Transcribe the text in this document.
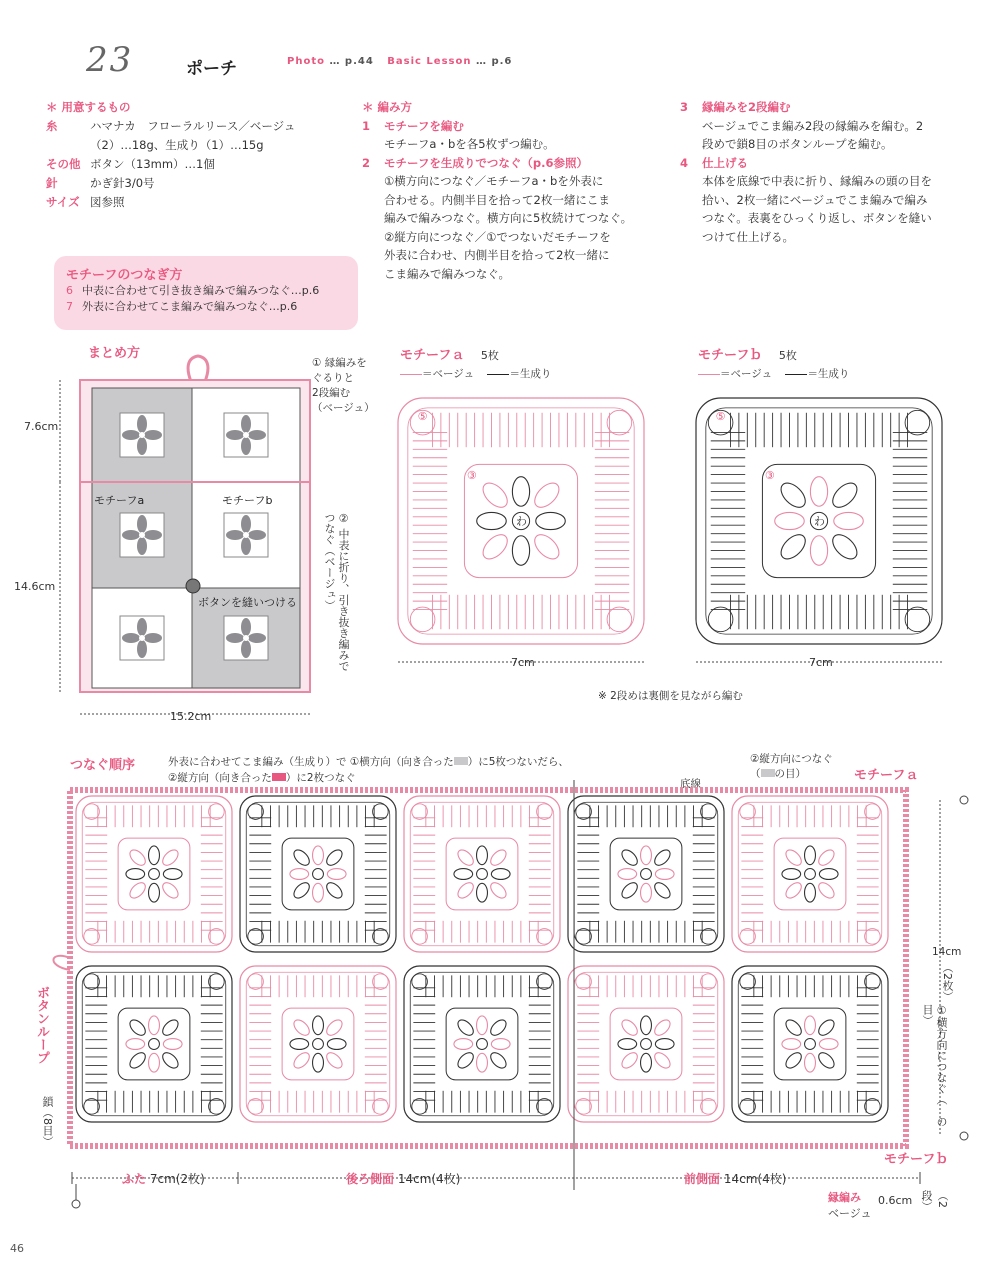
23	ポーチ	Photo … p.44 Basic Lesson … p.6
＊ 用意するもの
糸	ハマナカ　フローラルリース／ベージュ
（2）…18g、生成り（1）…15g
その他 ボタン（13mm）…1個
針	かぎ針3/0号
サイズ 図参照
＊ 編み方
1 モチーフを編む
モチーフa・bを各5枚ずつ編む。
2 モチーフを生成りでつなぐ（p.6参照）
①横方向につなぐ／モチーフa・bを外表に
合わせる。内側半目を拾って2枚一緒にこま
編みで編みつなぐ。横方向に5枚続けてつなぐ。
②縦方向につなぐ／①でつないだモチーフを
外表に合わせ、内側半目を拾って2枚一緒に
こま編みで編みつなぐ。
3 縁編みを2段編む
ベージュでこま編み2段の縁編みを編む。2
段めで鎖8目のボタンループを編む。
4 仕上げる
本体を底線で中表に折り、縁編みの頭の目を
拾い、2枚一緒にベージュでこま編みで編み
つなぐ。表裏をひっくり返し、ボタンを縫い
つけて仕上げる。
モチーフのつなぎ方
6 中表に合わせて引き抜き編みで編みつなぐ…p.6
7 外表に合わせてこま編みで編みつなぐ…p.6
まとめ方
モチーフa	モチーフb
ボタンを縫いつける
7.6cm
14.6cm
15.2cm
① 縁編みを
ぐるりと
2段編む
（ベージュ）
② 中表に折り、引き抜き編みでつなぐ（ベージュ）
モチーフａ 5枚
＝ベージュ	＝生成り
わ
⑤
③
7cm
モチーフｂ 5枚
＝ベージュ	＝生成り
わ
⑤
③
7cm
※ 2段めは裏側を見ながら編む
つなぐ順序	外表に合わせてこま編み（生成り）で ①横方向（向き合った ）に5枚つないだら、
②縦方向（向き合った ）に2枚つなぐ	底線
②縦方向につなぐ
（ の目）	モチーフａ
14cm
（2枚）
①横方向につなぐ（　の目）
モチーフｂ
ボタンループ
鎖（8目）
ふた 7cm(2枚)	後ろ側面 14cm(4枚)	前側面 14cm(4枚)
縁編み
ベージュ
0.6cm	（2段）
46
